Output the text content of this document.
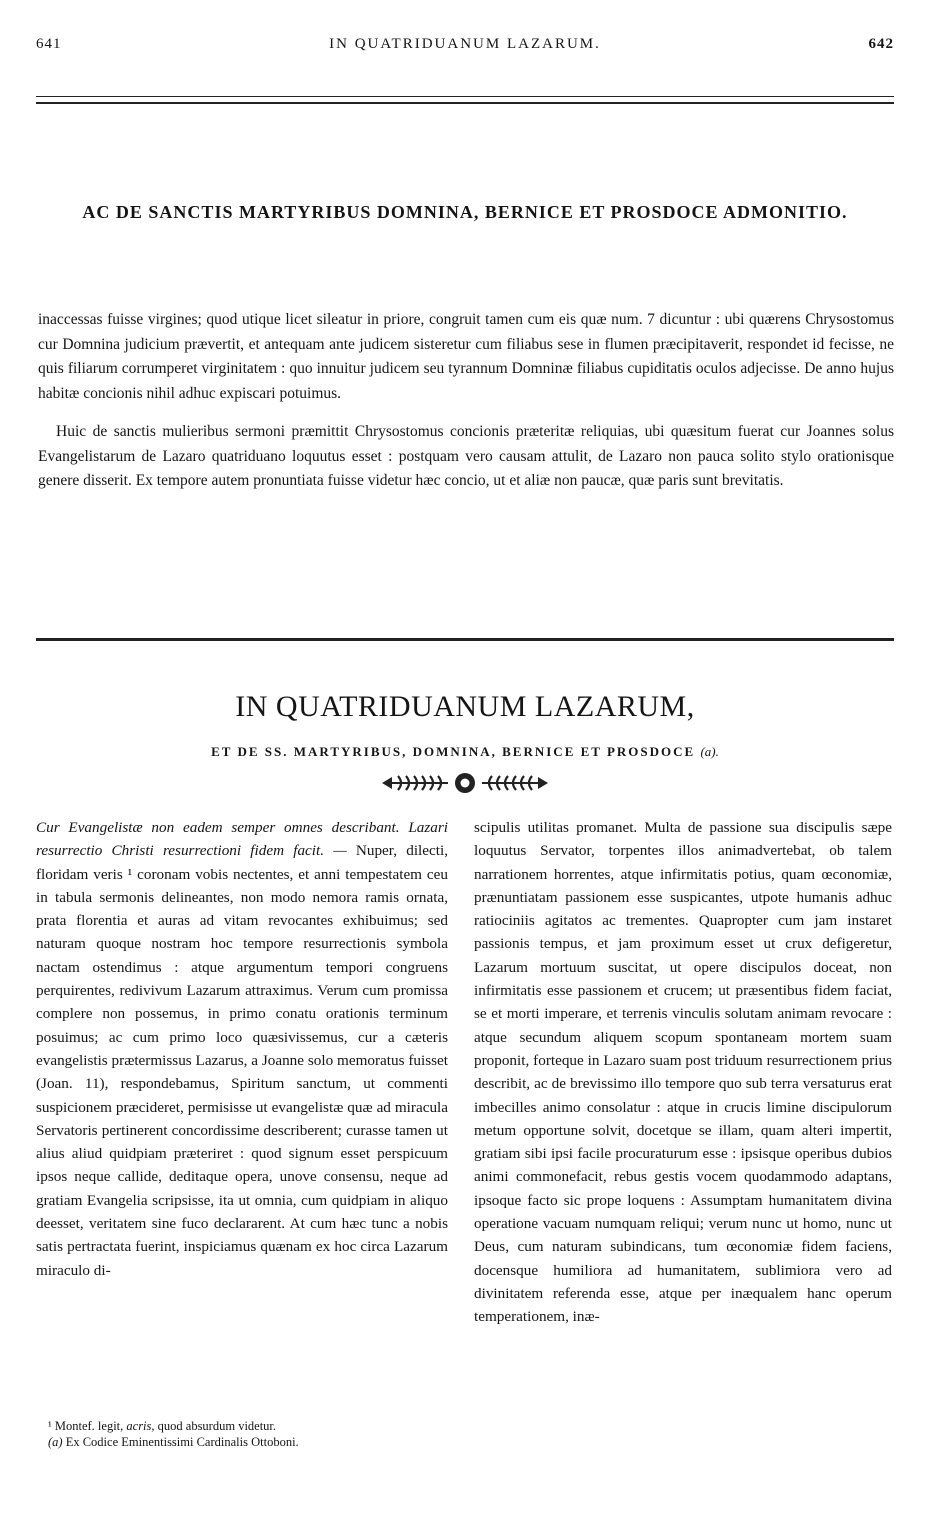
641	IN QUATRIDUANUM LAZARUM.	642
AC DE SANCTIS MARTYRIBUS DOMNINA, BERNICE ET PROSDOCE ADMONITIO.

inaccessas fuisse virgines; quod utique licet sileatur in priore, congruit tamen cum eis quæ num. 7 dicuntur : ubi quærens Chrysostomus cur Domnina judicium prævertit, et antequam ante judicem sisteretur cum filiabus sese in flumen præcipitaverit, respondet id fecisse, ne quis filiarum corrumperet virginitatem : quo innuitur judicem seu tyrannum Domninæ filiabus cupiditatis oculos adjecisse. De anno hujus habitæ concionis nihil adhuc expiscari potuimus.

Huic de sanctis mulieribus sermoni præmittit Chrysostomus concionis præteritæ reliquias, ubi quæsitum fuerat cur Joannes solus Evangelistarum de Lazaro quatriduano loquutus esset : postquam vero causam attulit, de Lazaro non pauca solito stylo orationisque genere disserit. Ex tempore autem pronuntiata fuisse videtur hæc concio, ut et aliæ non paucæ, quæ paris sunt brevitatis.

IN QUATRIDUANUM LAZARUM,
ET DE SS. MARTYRIBUS, DOMNINA, BERNICE ET PROSDOCE (a).

Cur Evangelistæ non eadem semper omnes describant. Lazari resurrectio Christi resurrectioni fidem facit. — Nuper, dilecti, floridam veris ¹ coronam vobis nectentes, et anni tempestatem ceu in tabula sermonis delineantes, non modo nemora ramis ornata, prata florentia et auras ad vitam revocantes exhibuimus; sed naturam quoque nostram hoc tempore resurrectionis symbola nactam ostendimus : atque argumentum tempori congruens perquirentes, redivivum Lazarum attraximus. Verum cum promissa complere non possemus, in primo conatu orationis terminum posuimus; ac cum primo loco quæsivissemus, cur a cæteris evangelistis prætermissus Lazarus, a Joanne solo memoratus fuisset (Joan. 11), respondebamus, Spiritum sanctum, ut commenti suspicionem præcideret, permisisse ut evangelistæ quæ ad miracula Servatoris pertinerent concordissime describerent; curasse tamen ut alius aliud quidpiam præteriret : quod signum esset perspicuum ipsos neque callide, deditaque opera, unove consensu, neque ad gratiam Evangelia scripsisse, ita ut omnia, cum quidpiam in aliquo deesset, veritatem sine fuco declararent. At cum hæc tunc a nobis satis pertractata fuerint, inspiciamus quænam ex hoc circa Lazarum miraculo di-

scipulis utilitas promanet. Multa de passione sua discipulis sæpe loquutus Servator, torpentes illos animadvertebat, ob talem narrationem horrentes, atque infirmitatis potius, quam œconomiæ, prænuntiatam passionem esse suspicantes, utpote humanis adhuc ratiociniis agitatos ac trementes. Quapropter cum jam instaret passionis tempus, et jam proximum esset ut crux defigeretur, Lazarum mortuum suscitat, ut opere discipulos doceat, non infirmitatis esse passionem et crucem; ut præsentibus fidem faciat, se et morti imperare, et terrenis vinculis solutam animam revocare : atque secundum aliquem scopum spontaneam mortem suam proponit, forteque in Lazaro suam post triduum resurrectionem prius describit, ac de brevissimo illo tempore quo sub terra versaturus erat imbecilles animo consolatur : atque in crucis limine discipulorum metum opportune solvit, docetque se illam, quam alteri impertit, gratiam sibi ipsi facile procuraturum esse : ipsisque operibus dubios animi commonefacit, rebus gestis vocem quodammodo adaptans, ipsoque facto sic prope loquens : Assumptam humanitatem divina operatione vacuam numquam reliqui; verum nunc ut homo, nunc ut Deus, cum naturam subindicans, tum œconomiæ fidem faciens, docensque humiliora ad humanitatem, sublimiora vero ad divinitatem referenda esse, atque per inæqualem hanc operum temperationem, inæ-

¹ Montef. legit, acris, quod absurdum videtur.

(a) Ex Codice Eminentissimi Cardinalis Ottoboni.
